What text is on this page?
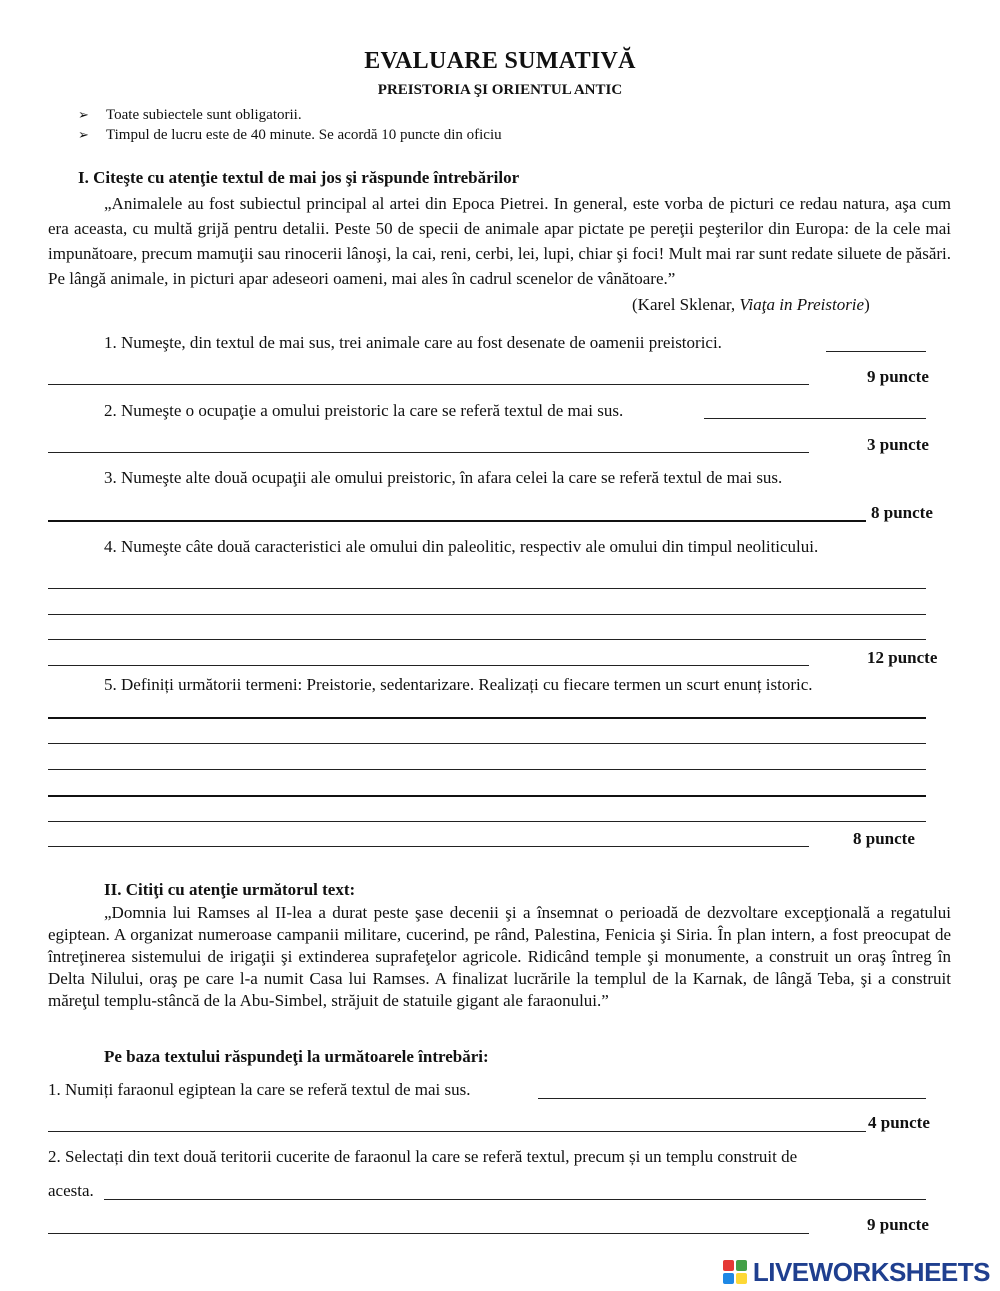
EVALUARE SUMATIVĂ
PREISTORIA ŞI ORIENTUL ANTIC
➢ Toate subiectele sunt obligatorii.
➢ Timpul de lucru este de 40 minute. Se acordă 10 puncte din oficiu
I. Citeşte cu atenţie textul de mai jos şi răspunde întrebărilor
„Animalele au fost subiectul principal al artei din Epoca Pietrei. In general, este vorba de picturi ce redau natura, aşa cum era aceasta, cu multă grijă pentru detalii. Peste 50 de specii de animale apar pictate pe pereţii peşterilor din Europa: de la cele mai impunătoare, precum mamuţii sau rinocerii lânoşi, la cai, reni, cerbi, lei, lupi, chiar şi foci! Mult mai rar sunt redate siluete de păsări. Pe lângă animale, in picturi apar adeseori oameni, mai ales în cadrul scenelor de vânătoare.”
(Karel Sklenar, Viaţa in Preistorie)
1. Numeşte, din textul de mai sus, trei animale care au fost desenate de oamenii preistorici.
9 puncte
2. Numeşte o ocupaţie a omului preistoric la care se referă textul de mai sus.
3 puncte
3. Numeşte alte două ocupaţii ale omului preistoric, în afara celei la care se referă textul de mai sus.
8 puncte
4. Numeşte câte două caracteristici ale omului din paleolitic, respectiv ale omului din timpul neoliticului.
12 puncte
5. Definiți următorii termeni: Preistorie, sedentarizare. Realizați cu fiecare termen un scurt enunț istoric.
8 puncte
II. Citiţi cu atenţie următorul text:
„Domnia lui Ramses al II-lea a durat peste şase decenii şi a însemnat o perioadă de dezvoltare excepţională a regatului egiptean. A organizat numeroase campanii militare, cucerind, pe rând, Palestina, Fenicia şi Siria. În plan intern, a fost preocupat de întreţinerea sistemului de irigaţii şi extinderea suprafeţelor agricole. Ridicând temple şi monumente, a construit un oraş întreg în Delta Nilului, oraş pe care l-a numit Casa lui Ramses. A finalizat lucrările la templul de la Karnak, de lângă Teba, şi a construit măreţul templu-stâncă de la Abu-Simbel, străjuit de statuile gigant ale faraonului.”
Pe baza textului răspundeţi la următoarele întrebări:
1. Numiți faraonul egiptean la care se referă textul de mai sus.
4 puncte
2. Selectați din text două teritorii cucerite de faraonul la care se referă textul, precum și un templu construit de
acesta.
9 puncte
LIVEWORKSHEETS
